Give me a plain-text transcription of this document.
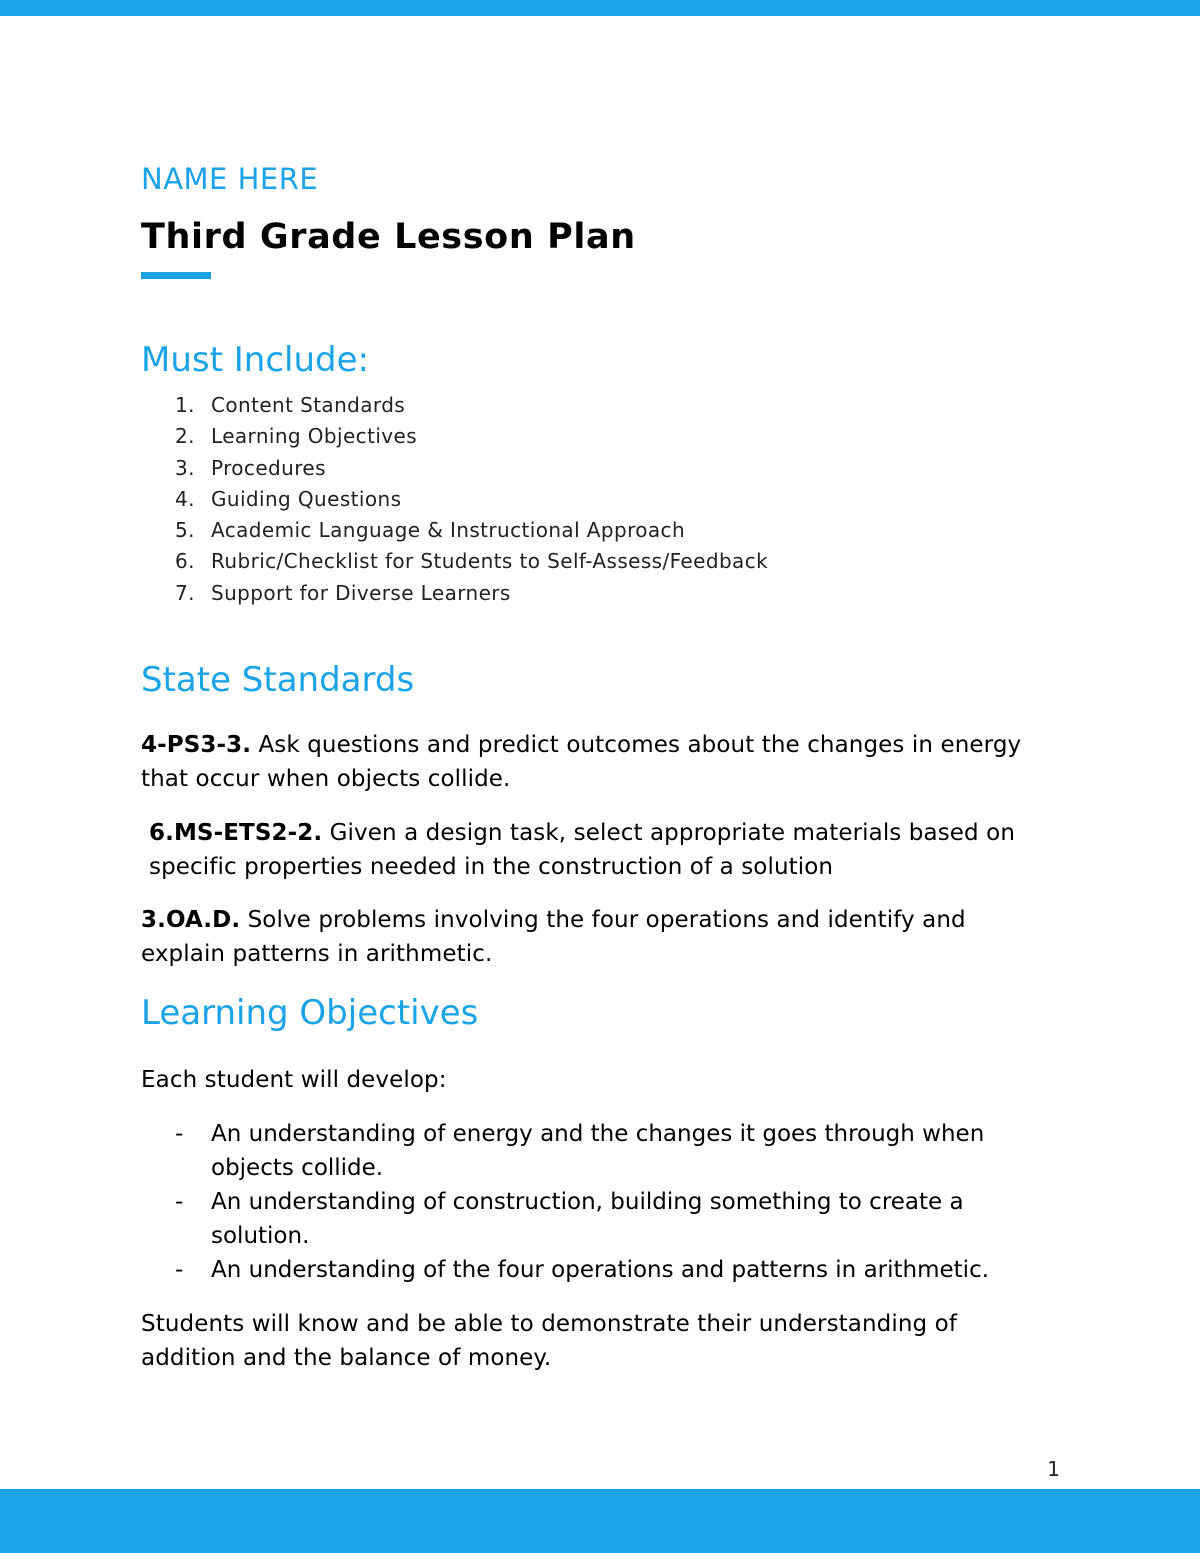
NAME HERE
Third Grade Lesson Plan
Must Include:
1. Content Standards
2. Learning Objectives
3. Procedures
4. Guiding Questions
5. Academic Language & Instructional Approach
6. Rubric/Checklist for Students to Self-Assess/Feedback
7. Support for Diverse Learners
State Standards
4-PS3-3. Ask questions and predict outcomes about the changes in energy that occur when objects collide.
6.MS-ETS2-2. Given a design task, select appropriate materials based on specific properties needed in the construction of a solution
3.OA.D. Solve problems involving the four operations and identify and explain patterns in arithmetic.
Learning Objectives
Each student will develop:
- An understanding of energy and the changes it goes through when objects collide.
- An understanding of construction, building something to create a solution.
- An understanding of the four operations and patterns in arithmetic.
Students will know and be able to demonstrate their understanding of addition and the balance of money.
1
